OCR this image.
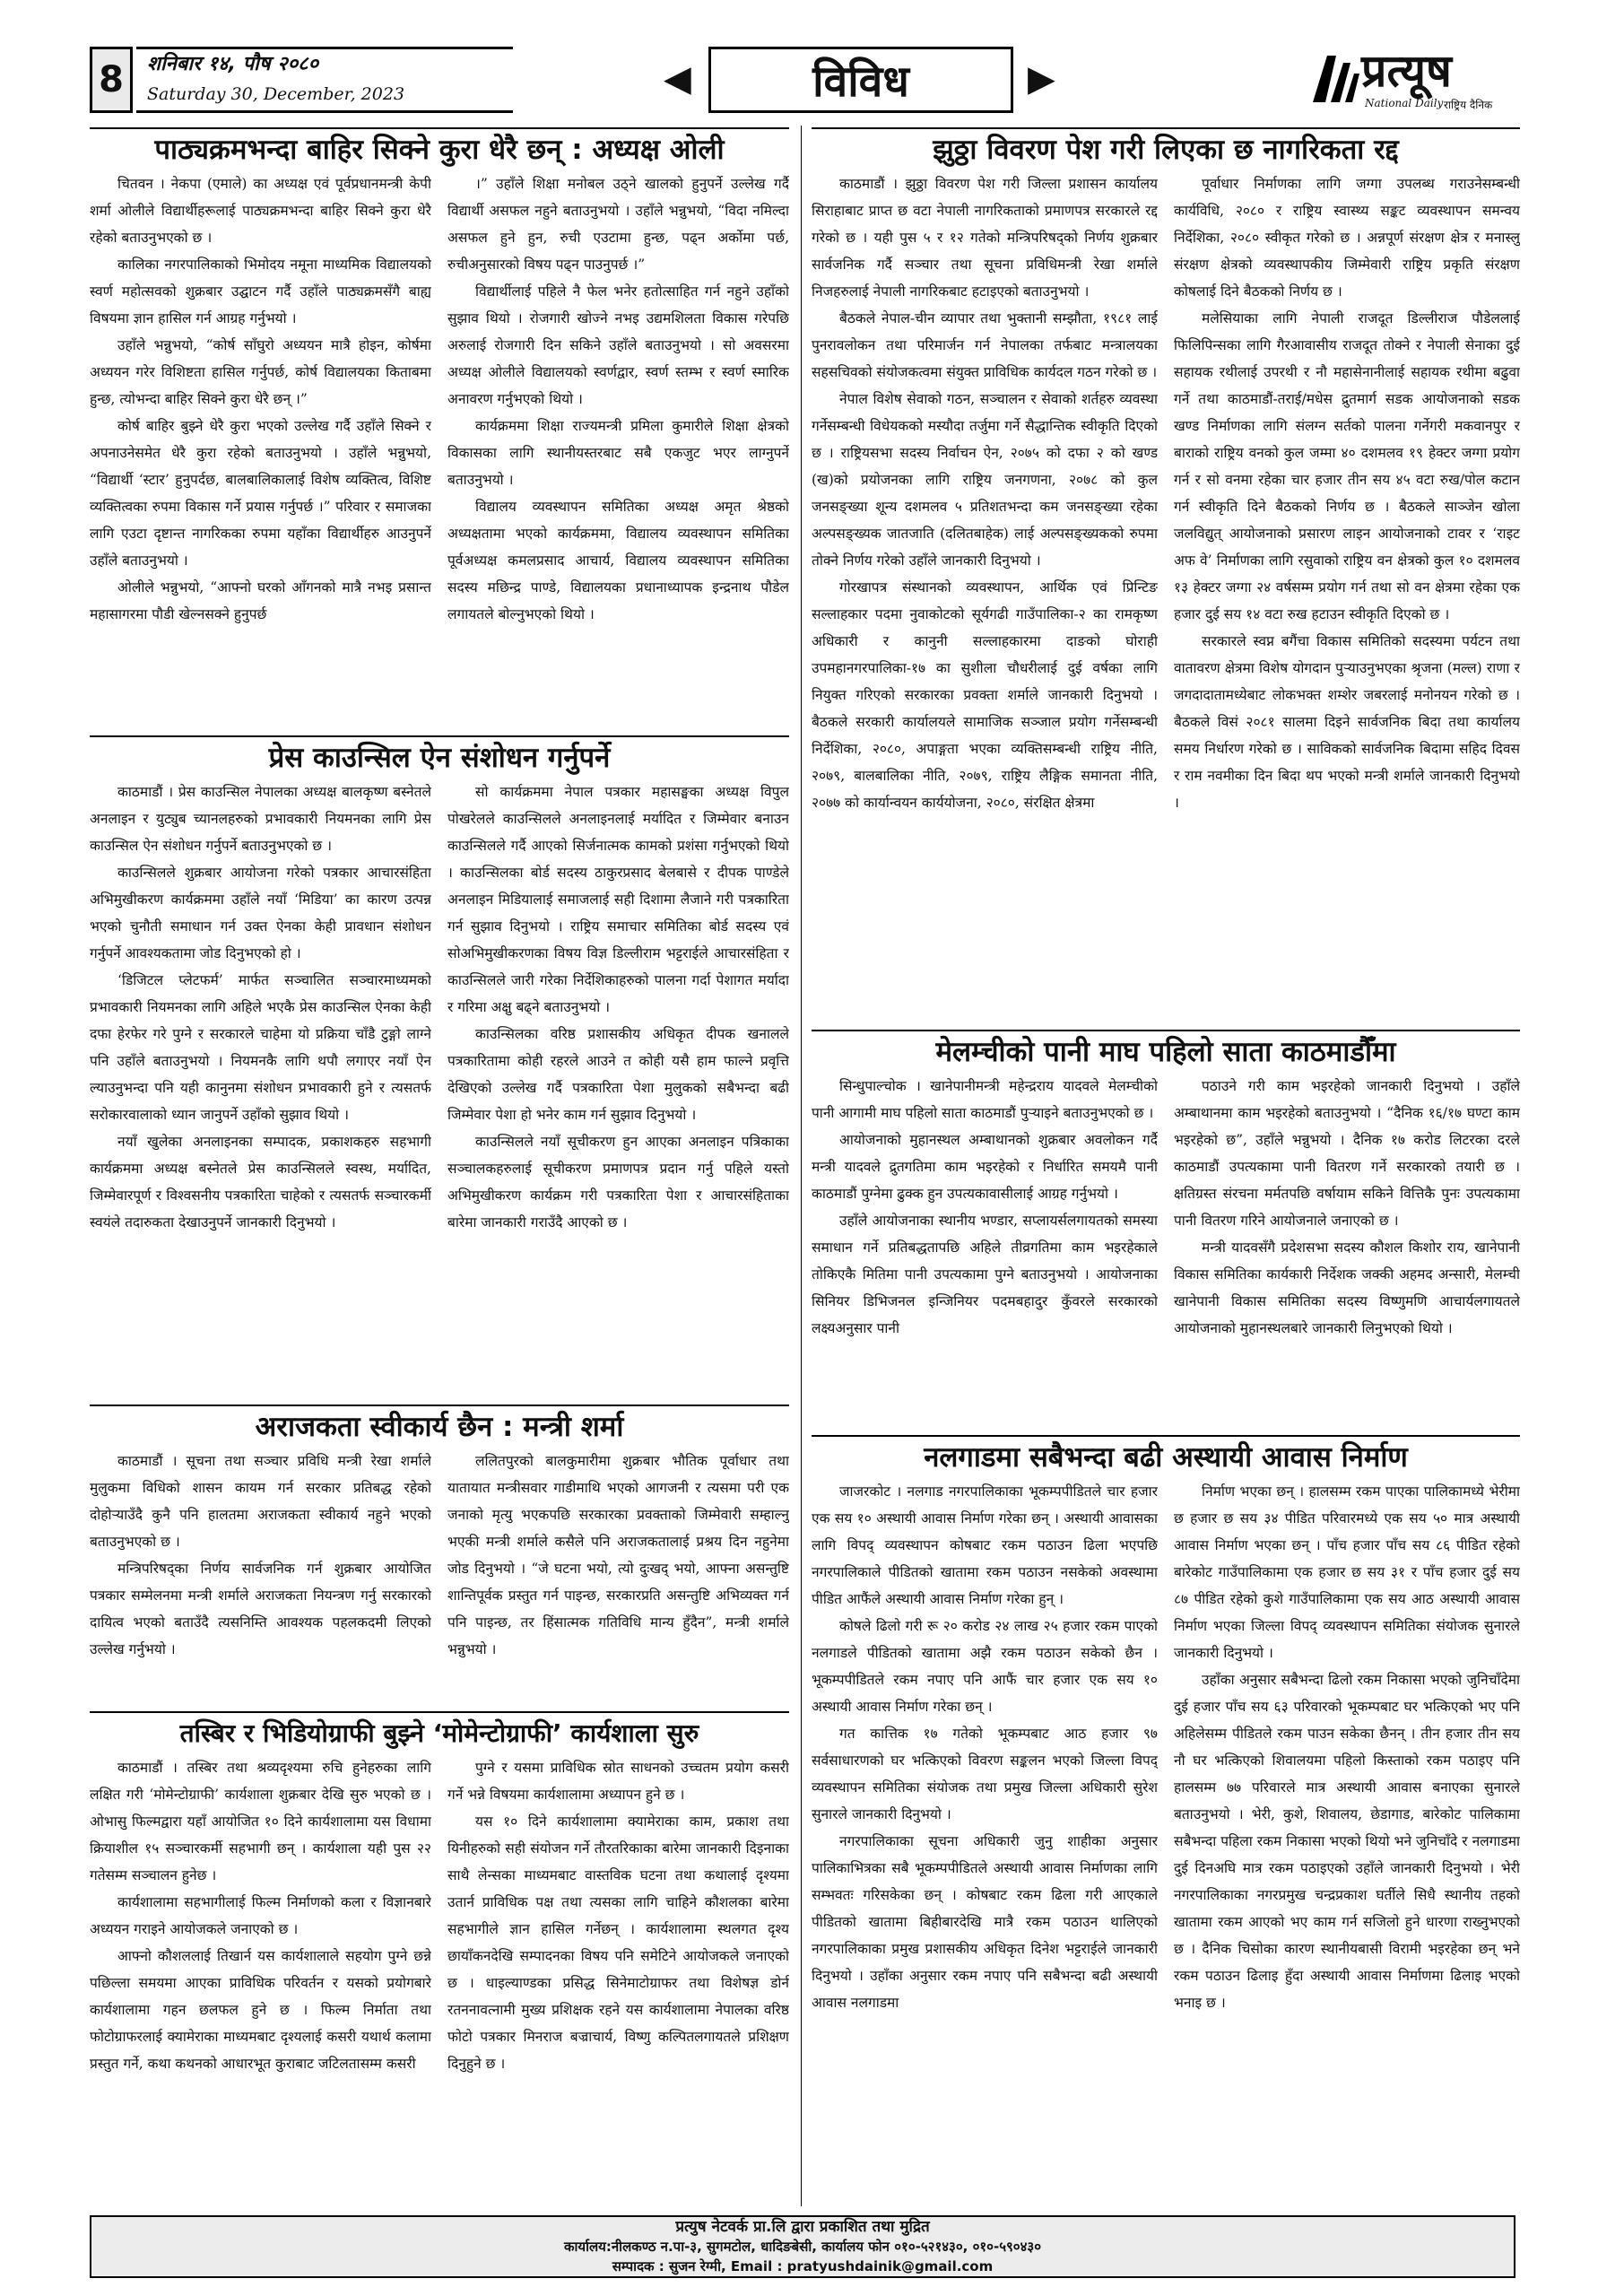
8	शनिबार १४, पौष २०८०
Saturday 30, December, 2023	◀	विविध	▶	प्रत्यूष
National Daily राष्ट्रिय दैनिक
पाठ्यक्रमभन्दा बाहिर सिक्ने कुरा धेरै छन् : अध्यक्ष ओली

चितवन । नेकपा (एमाले) का अध्यक्ष एवं पूर्वप्रधानमन्त्री केपी शर्मा ओलीले विद्यार्थीहरूलाई पाठ्यक्रमभन्दा बाहिर सिक्ने कुरा धेरै रहेको बताउनुभएको छ ।

कालिका नगरपालिकाको भिमोदय नमूना माध्यमिक विद्यालयको स्वर्ण महोत्सवको शुक्रबार उद्घाटन गर्दै उहाँले पाठ्यक्रमसँगै बाह्य विषयमा ज्ञान हासिल गर्न आग्रह गर्नुभयो ।

उहाँले भन्नुभयो, “कोर्ष साँघुरो अध्ययन मात्रै होइन, कोर्षमा अध्ययन गरेर विशिष्टता हासिल गर्नुपर्छ, कोर्ष विद्यालयका किताबमा हुन्छ, त्योभन्दा बाहिर सिक्ने कुरा धेरै छन् ।”

कोर्ष बाहिर बुझ्ने धेरै कुरा भएको उल्लेख गर्दै उहाँले सिक्ने र अपनाउनेसमेत धेरै कुरा रहेको बताउनुभयो । उहाँले भन्नुभयो, “विद्यार्थी ‘स्टार’ हुनुपर्दछ, बालबालिकालाई विशेष व्यक्तित्व, विशिष्ट व्यक्तित्वका रुपमा विकास गर्ने प्रयास गर्नुपर्छ ।” परिवार र समाजका लागि एउटा दृष्टान्त नागरिकका रुपमा यहाँका विद्यार्थीहरु आउनुपर्ने उहाँले बताउनुभयो ।

ओलीले भन्नुभयो, “आफ्नो घरको आँगनको मात्रै नभइ प्रसान्त महासागरमा पौडी खेल्नसक्ने हुनुपर्छ

।” उहाँले शिक्षा मनोबल उठ्ने खालको हुनुपर्ने उल्लेख गर्दै विद्यार्थी असफल नहुने बताउनुभयो । उहाँले भन्नुभयो, “विदा नमिल्दा असफल हुने हुन, रुची एउटामा हुन्छ, पढ्न अर्कोमा पर्छ, रुचीअनुसारको विषय पढ्न पाउनुपर्छ ।”

विद्यार्थीलाई पहिले नै फेल भनेर हतोत्साहित गर्न नहुने उहाँको सुझाव थियो । रोजगारी खोज्ने नभइ उद्यमशिलता विकास गरेपछि अरुलाई रोजगारी दिन सकिने उहाँले बताउनुभयो । सो अवसरमा अध्यक्ष ओलीले विद्यालयको स्वर्णद्वार, स्वर्ण स्तम्भ र स्वर्ण स्मारिक अनावरण गर्नुभएको थियो ।

कार्यक्रममा शिक्षा राज्यमन्त्री प्रमिला कुमारीले शिक्षा क्षेत्रको विकासका लागि स्थानीयस्तरबाट सबै एकजुट भएर लाग्नुपर्ने बताउनुभयो ।

विद्यालय व्यवस्थापन समितिका अध्यक्ष अमृत श्रेष्ठको अध्यक्षतामा भएको कार्यक्रममा, विद्यालय व्यवस्थापन समितिका पूर्वअध्यक्ष कमलप्रसाद आचार्य, विद्यालय व्यवस्थापन समितिका सदस्य मछिन्द्र पाण्डे, विद्यालयका प्रधानाध्यापक इन्द्रनाथ पौडेल लगायतले बोल्नुभएको थियो ।

प्रेस काउन्सिल ऐन संशोधन गर्नुपर्ने

काठमाडौं । प्रेस काउन्सिल नेपालका अध्यक्ष बालकृष्ण बस्नेतले अनलाइन र युट्युब च्यानलहरुको प्रभावकारी नियमनका लागि प्रेस काउन्सिल ऐन संशोधन गर्नुपर्ने बताउनुभएको छ ।

काउन्सिलले शुक्रबार आयोजना गरेको पत्रकार आचारसंहिता अभिमुखीकरण कार्यक्रममा उहाँले नयाँ ‘मिडिया’ का कारण उत्पन्न भएको चुनौती समाधान गर्न उक्त ऐनका केही प्रावधान संशोधन गर्नुपर्ने आवश्यकतामा जोड दिनुभएको हो ।

‘डिजिटल प्लेटफर्म’ मार्फत सञ्चालित सञ्चारमाध्यमको प्रभावकारी नियमनका लागि अहिले भएकै प्रेस काउन्सिल ऐनका केही दफा हेरफेर गरे पुग्ने र सरकारले चाहेमा यो प्रक्रिया चाँडै टुङ्गो लाग्ने पनि उहाँले बताउनुभयो । नियमनकै लागि थपौ लगाएर नयाँ ऐन ल्याउनुभन्दा पनि यही कानुनमा संशोधन प्रभावकारी हुने र त्यसतर्फ सरोकारवालाको ध्यान जानुपर्ने उहाँको सुझाव थियो ।

नयाँ खुलेका अनलाइनका सम्पादक, प्रकाशकहरु सहभागी कार्यक्रममा अध्यक्ष बस्नेतले प्रेस काउन्सिलले स्वस्थ, मर्यादित, जिम्मेवारपूर्ण र विश्वसनीय पत्रकारिता चाहेको र त्यसतर्फ सञ्चारकर्मी स्वयंले तदारुकता देखाउनुपर्ने जानकारी दिनुभयो ।

सो कार्यक्रममा नेपाल पत्रकार महासङ्घका अध्यक्ष विपुल पोखरेलले काउन्सिलले अनलाइनलाई मर्यादित र जिम्मेवार बनाउन काउन्सिलले गर्दै आएको सिर्जनात्मक कामको प्रशंसा गर्नुभएको थियो । काउन्सिलका बोर्ड सदस्य ठाकुरप्रसाद बेलबासे र दीपक पाण्डेले अनलाइन मिडियालाई समाजलाई सही दिशामा लैजाने गरी पत्रकारिता गर्न सुझाव दिनुभयो । राष्ट्रिय समाचार समितिका बोर्ड सदस्य एवं सोअभिमुखीकरणका विषय विज्ञ डिल्लीराम भट्टराईले आचारसंहिता र काउन्सिलले जारी गरेका निर्देशिकाहरुको पालना गर्दा पेशागत मर्यादा र गरिमा अक्षु बढ्ने बताउनुभयो ।

काउन्सिलका वरिष्ठ प्रशासकीय अधिकृत दीपक खनालले पत्रकारितामा कोही रहरले आउने त कोही यसै हाम फाल्ने प्रवृत्ति देखिएको उल्लेख गर्दै पत्रकारिता पेशा मुलुकको सबैभन्दा बढी जिम्मेवार पेशा हो भनेर काम गर्न सुझाव दिनुभयो ।

काउन्सिलले नयाँ सूचीकरण हुन आएका अनलाइन पत्रिकाका सञ्चालकहरुलाई सूचीकरण प्रमाणपत्र प्रदान गर्नु पहिले यस्तो अभिमुखीकरण कार्यक्रम गरी पत्रकारिता पेशा र आचारसंहिताका बारेमा जानकारी गराउँदै आएको छ ।

अराजकता स्वीकार्य छैन : मन्त्री शर्मा

काठमाडौं । सूचना तथा सञ्चार प्रविधि मन्त्री रेखा शर्माले मुलुकमा विधिको शासन कायम गर्न सरकार प्रतिबद्ध रहेको दोहोऱ्याउँदै कुनै पनि हालतमा अराजकता स्वीकार्य नहुने भएको बताउनुभएको छ ।

मन्त्रिपरिषद्का निर्णय सार्वजनिक गर्न शुक्रबार आयोजित पत्रकार सम्मेलनमा मन्त्री शर्माले अराजकता नियन्त्रण गर्नु सरकारको दायित्व भएको बताउँदै त्यसनिम्ति आवश्यक पहलकदमी लिएको उल्लेख गर्नुभयो ।

ललितपुरको बालकुमारीमा शुक्रबार भौतिक पूर्वाधार तथा यातायात मन्त्रीसवार गाडीमाथि भएको आगजनी र त्यसमा परी एक जनाको मृत्यु भएकपछि सरकारका प्रवक्ताको जिम्मेवारी सम्हाल्नु भएकी मन्त्री शर्माले कसैले पनि अराजकतालाई प्रश्रय दिन नहुनेमा जोड दिनुभयो । “जे घटना भयो, त्यो दुःखद् भयो, आफ्ना असन्तुष्टि शान्तिपूर्वक प्रस्तुत गर्न पाइन्छ, सरकारप्रति असन्तुष्टि अभिव्यक्त गर्न पनि पाइन्छ, तर हिंसात्मक गतिविधि मान्य हुँदैन”, मन्त्री शर्माले भन्नुभयो ।

तस्बिर र भिडियोग्राफी बुझ्ने ‘मोमेन्टोग्राफी’ कार्यशाला सुरु

काठमाडौं । तस्बिर तथा श्रव्यदृश्यमा रुचि हुनेहरुका लागि लक्षित गरी ‘मोमेन्टोग्राफी’ कार्यशाला शुक्रबार देखि सुरु भएको छ । ओभासु फिल्मद्वारा यहाँ आयोजित १० दिने कार्यशालामा यस विधामा क्रियाशील १५ सञ्चारकर्मी सहभागी छन् । कार्यशाला यही पुस २२ गतेसम्म सञ्चालन हुनेछ ।

कार्यशालामा सहभागीलाई फिल्म निर्माणको कला र विज्ञानबारे अध्ययन गराइने आयोजकले जनाएको छ ।

आफ्नो कौशललाई तिखार्न यस कार्यशालाले सहयोग पुग्ने छन्ने पछिल्ला समयमा आएका प्राविधिक परिवर्तन र यसको प्रयोगबारे कार्यशालामा गहन छलफल हुने छ । फिल्म निर्माता तथा फोटोग्राफरलाई क्यामेराका माध्यमबाट दृश्यलाई कसरी यथार्थ कलामा प्रस्तुत गर्ने, कथा कथनको आधारभूत कुराबाट जटिलतासम्म कसरी

पुग्ने र यसमा प्राविधिक स्रोत साधनको उच्चतम प्रयोग कसरी गर्ने भन्ने विषयमा कार्यशालामा अध्यापन हुने छ ।

यस १० दिने कार्यशालामा क्यामेराका काम, प्रकाश तथा यिनीहरुको सही संयोजन गर्ने तौरतरिकाका बारेमा जानकारी दिइनाका साथै लेन्सका माध्यमबाट वास्तविक घटना तथा कथालाई दृश्यमा उतार्न प्राविधिक पक्ष तथा त्यसका लागि चाहिने कौशलका बारेमा सहभागीले ज्ञान हासिल गर्नेछन् । कार्यशालामा स्थलगत दृश्य छायाँकनदेखि सम्पादनका विषय पनि समेटिने आयोजकले जनाएको छ । धाइल्याण्डका प्रसिद्ध सिनेमाटोग्राफर तथा विशेषज्ञ डोर्न रतननावत्नामी मुख्य प्रशिक्षक रहने यस कार्यशालामा नेपालका वरिष्ठ फोटो पत्रकार मिनराज बज्राचार्य, विष्णु कल्पितलगायतले प्रशिक्षण दिनुहुने छ ।

झुठ्ठा विवरण पेश गरी लिएका छ नागरिकता रद्द

काठमाडौं । झुठ्ठा विवरण पेश गरी जिल्ला प्रशासन कार्यालय सिराहाबाट प्राप्त छ वटा नेपाली नागरिकताको प्रमाणपत्र सरकारले रद्द गरेको छ । यही पुस ५ र १२ गतेको मन्त्रिपरिषद्को निर्णय शुक्रबार सार्वजनिक गर्दै सञ्चार तथा सूचना प्रविधिमन्त्री रेखा शर्माले निजहरुलाई नेपाली नागरिकबाट हटाइएको बताउनुभयो ।

बैठकले नेपाल-चीन व्यापार तथा भुक्तानी सम्झौता, १९८१ लाई पुनरावलोकन तथा परिमार्जन गर्न नेपालका तर्फबाट मन्त्रालयका सहसचिवको संयोजकत्वमा संयुक्त प्राविधिक कार्यदल गठन गरेको छ ।

नेपाल विशेष सेवाको गठन, सञ्चालन र सेवाको शर्तहरु व्यवस्था गर्नेसम्बन्धी विधेयकको मस्यौदा तर्जुमा गर्ने सैद्धान्तिक स्वीकृति दिएको छ । राष्ट्रियसभा सदस्य निर्वाचन ऐन, २०७५ को दफा २ को खण्ड (ख)को प्रयोजनका लागि राष्ट्रिय जनगणना, २०७८ को कुल जनसङ्ख्या शून्य दशमलव ५ प्रतिशतभन्दा कम जनसङ्ख्या रहेका अल्पसङ्ख्यक जातजाति (दलितबाहेक) लाई अल्पसङ्ख्यकको रुपमा तोक्ने निर्णय गरेको उहाँले जानकारी दिनुभयो ।

गोरखापत्र संस्थानको व्यवस्थापन, आर्थिक एवं प्रिन्टिङ सल्लाहकार पदमा नुवाकोटको सूर्यगढी गाउँपालिका-२ का रामकृष्ण अधिकारी र कानुनी सल्लाहकारमा दाङको घोराही उपमहानगरपालिका-१७ का सुशीला चौधरीलाई दुई वर्षका लागि नियुक्त गरिएको सरकारका प्रवक्ता शर्माले जानकारी दिनुभयो । बैठकले सरकारी कार्यालयले सामाजिक सञ्जाल प्रयोग गर्नेसम्बन्धी निर्देशिका, २०८०, अपाङ्गता भएका व्यक्तिसम्बन्धी राष्ट्रिय नीति, २०७९, बालबालिका नीति, २०७९, राष्ट्रिय लैङ्गिक समानता नीति, २०७७ को कार्यान्वयन कार्ययोजना, २०८०, संरक्षित क्षेत्रमा

पूर्वाधार निर्माणका लागि जग्गा उपलब्ध गराउनेसम्बन्धी कार्यविधि, २०८० र राष्ट्रिय स्वास्थ्य सङ्कट व्यवस्थापन समन्वय निर्देशिका, २०८० स्वीकृत गरेको छ । अन्नपूर्ण संरक्षण क्षेत्र र मनास्लु संरक्षण क्षेत्रको व्यवस्थापकीय जिम्मेवारी राष्ट्रिय प्रकृति संरक्षण कोषलाई दिने बैठकको निर्णय छ ।

मलेसियाका लागि नेपाली राजदूत डिल्लीराज पौडेललाई फिलिपिन्सका लागि गैरआवासीय राजदूत तोक्ने र नेपाली सेनाका दुई सहायक रथीलाई उपरथी र नौ महासेनानीलाई सहायक रथीमा बढुवा गर्ने तथा काठमाडौं-तराई/मधेस द्रुतमार्ग सडक आयोजनाको सडक खण्ड निर्माणका लागि संलग्न सर्तको पालना गर्नेगरी मकवानपुर र बाराको राष्ट्रिय वनको कुल जम्मा ४० दशमलव १९ हेक्टर जग्गा प्रयोग गर्न र सो वनमा रहेका चार हजार तीन सय ४५ वटा रुख/पोल कटान गर्न स्वीकृति दिने बैठकको निर्णय छ । बैठकले साञ्जेन खोला जलविद्युत् आयोजनाको प्रसारण लाइन आयोजनाको टावर र ‘राइट अफ वे’ निर्माणका लागि रसुवाको राष्ट्रिय वन क्षेत्रको कुल १० दशमलव १३ हेक्टर जग्गा २४ वर्षसम्म प्रयोग गर्न तथा सो वन क्षेत्रमा रहेका एक हजार दुई सय १४ वटा रुख हटाउन स्वीकृति दिएको छ ।

सरकारले स्वप्न बगैंचा विकास समितिको सदस्यमा पर्यटन तथा वातावरण क्षेत्रमा विशेष योगदान पुऱ्याउनुभएका श्रृजना (मल्ल) राणा र जगदादातामध्येबाट लोकभक्त शम्शेर जबरलाई मनोनयन गरेको छ । बैठकले विसं २०८१ सालमा दिइने सार्वजनिक बिदा तथा कार्यालय समय निर्धारण गरेको छ । साविकको सार्वजनिक बिदामा सहिद दिवस र राम नवमीका दिन बिदा थप भएको मन्त्री शर्माले जानकारी दिनुभयो ।

मेलम्चीको पानी माघ पहिलो साता काठमाडौँमा

सिन्धुपाल्चोक । खानेपानीमन्त्री महेन्द्रराय यादवले मेलम्चीको पानी आगामी माघ पहिलो साता काठमाडौं पुऱ्याइने बताउनुभएको छ ।

आयोजनाको मुहानस्थल अम्बाथानको शुक्रबार अवलोकन गर्दै मन्त्री यादवले द्रुतगतिमा काम भइरहेको र निर्धारित समयमै पानी काठमाडौं पुग्नेमा ढुक्क हुन उपत्यकावासीलाई आग्रह गर्नुभयो ।

उहाँले आयोजनाका स्थानीय भण्डार, सप्लायर्सलगायतको समस्या समाधान गर्ने प्रतिबद्धतापछि अहिले तीव्रगतिमा काम भइरहेकाले तोकिएकै मितिमा पानी उपत्यकामा पुग्ने बताउनुभयो । आयोजनाका सिनियर डिभिजनल इन्जिनियर पदमबहादुर कुँवरले सरकारको लक्ष्यअनुसार पानी

पठाउने गरी काम भइरहेको जानकारी दिनुभयो । उहाँले अम्बाथानमा काम भइरहेको बताउनुभयो । “दैनिक १६/१७ घण्टा काम भइरहेको छ”, उहाँले भन्नुभयो । दैनिक १७ करोड लिटरका दरले काठमाडौं उपत्यकामा पानी वितरण गर्ने सरकारको तयारी छ । क्षतिग्रस्त संरचना मर्मतपछि वर्षायाम सकिने वित्तिकै पुनः उपत्यकामा पानी वितरण गरिने आयोजनाले जनाएको छ ।

मन्त्री यादवसँगै प्रदेशसभा सदस्य कौशल किशोर राय, खानेपानी विकास समितिका कार्यकारी निर्देशक जक्की अहमद अन्सारी, मेलम्ची खानेपानी विकास समितिका सदस्य विष्णुमणि आचार्यलगायतले आयोजनाको मुहानस्थलबारे जानकारी लिनुभएको थियो ।

नलगाडमा सबैभन्दा बढी अस्थायी आवास निर्माण

जाजरकोट । नलगाड नगरपालिकाका भूकम्पपीडितले चार हजार एक सय १० अस्थायी आवास निर्माण गरेका छन् । अस्थायी आवासका लागि विपद् व्यवस्थापन कोषबाट रकम पठाउन ढिला भएपछि नगरपालिकाले पीडितको खातामा रकम पठाउन नसकेको अवस्थामा पीडित आफैंले अस्थायी आवास निर्माण गरेका हुन् ।

कोषले ढिलो गरी रू २० करोड २४ लाख २५ हजार रकम पाएको नलगाडले पीडितको खातामा अझै रकम पठाउन सकेको छैन । भूकम्पपीडितले रकम नपाए पनि आफैं चार हजार एक सय १० अस्थायी आवास निर्माण गरेका छन् ।

गत कात्तिक १७ गतेको भूकम्पबाट आठ हजार ९७ सर्वसाधारणको घर भत्किएको विवरण सङ्कलन भएको जिल्ला विपद् व्यवस्थापन समितिका संयोजक तथा प्रमुख जिल्ला अधिकारी सुरेश सुनारले जानकारी दिनुभयो ।

नगरपालिकाका सूचना अधिकारी जुनु शाहीका अनुसार पालिकाभित्रका सबै भूकम्पपीडितले अस्थायी आवास निर्माणका लागि सम्भवतः गरिसकेका छन् । कोषबाट रकम ढिला गरी आएकाले पीडितको खातामा बिहीबारदेखि मात्रै रकम पठाउन थालिएको नगरपालिकाका प्रमुख प्रशासकीय अधिकृत दिनेश भट्टराईले जानकारी दिनुभयो । उहाँका अनुसार रकम नपाए पनि सबैभन्दा बढी अस्थायी आवास नलगाडमा

निर्माण भएका छन् । हालसम्म रकम पाएका पालिकामध्ये भेरीमा छ हजार छ सय ३४ पीडित परिवारमध्ये एक सय ५० मात्र अस्थायी आवास निर्माण भएका छन् । पाँच हजार पाँच सय ८६ पीडित रहेको बारेकोट गाउँपालिकामा एक हजार छ सय ३१ र पाँच हजार दुई सय ८७ पीडित रहेको कुशे गाउँपालिकामा एक सय आठ अस्थायी आवास निर्माण भएका जिल्ला विपद् व्यवस्थापन समितिका संयोजक सुनारले जानकारी दिनुभयो ।

उहाँका अनुसार सबैभन्दा ढिलो रकम निकासा भएको जुनिचाँदेमा दुई हजार पाँच सय ६३ परिवारको भूकम्पबाट घर भत्किएको भए पनि अहिलेसम्म पीडितले रकम पाउन सकेका छैनन् । तीन हजार तीन सय नौ घर भत्किएको शिवालयमा पहिलो किस्ताको रकम पठाइए पनि हालसम्म ७७ परिवारले मात्र अस्थायी आवास बनाएका सुनारले बताउनुभयो । भेरी, कुशे, शिवालय, छेडागाड, बारेकोट पालिकामा सबैभन्दा पहिला रकम निकासा भएको थियो भने जुनिचाँदे र नलगाडमा दुई दिनअघि मात्र रकम पठाइएको उहाँले जानकारी दिनुभयो । भेरी नगरपालिकाका नगरप्रमुख चन्द्रप्रकाश घर्तीले सिधै स्थानीय तहको खातामा रकम आएको भए काम गर्न सजिलो हुने धारणा राख्नुभएको छ । दैनिक चिसोका कारण स्थानीयबासी विरामी भइरहेका छन् भने रकम पठाउन ढिलाइ हुँदा अस्थायी आवास निर्माणमा ढिलाइ भएको भनाइ छ ।

प्रत्युष नेटवर्क प्रा.लि द्वारा प्रकाशित तथा मुद्रित
कार्यालय:नीलकण्ठ न.पा-३, सुगमटोल, धादिङबेसी, कार्यालय फोन ०१०-५२१४३०, ०१०-५९०४३०
सम्पादक : सुजन रेग्मी, Email : pratyushdainik@gmail.com
